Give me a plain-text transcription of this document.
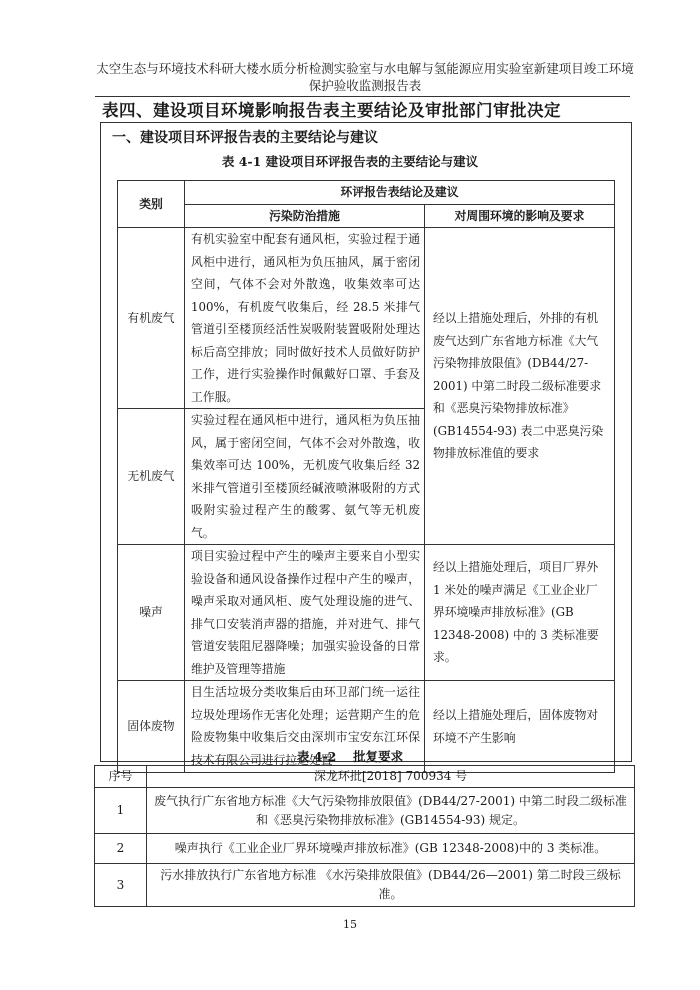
太空生态与环境技术科研大楼水质分析检测实验室与水电解与氢能源应用实验室新建项目竣工环境保护验收监测报告表
表四、建设项目环境影响报告表主要结论及审批部门审批决定
一、建设项目环评报告表的主要结论与建议
表 4-1 建设项目环评报告表的主要结论与建议
类别	环评报告表结论及建议	
	污染防治措施	对周围环境的影响及要求
有机废气	有机实验室中配套有通风柜，实验过程于通风柜中进行，通风柜为负压抽风，属于密闭空间，气体不会对外散逸，收集效率可达 100%，有机废气收集后，经 28.5 米排气管道引至楼顶经活性炭吸附装置吸附处理达标后高空排放；同时做好技术人员做好防护工作，进行实验操作时佩戴好口罩、手套及工作服。	经以上措施处理后，外排的有机废气达到广东省地方标准《大气污染物排放限值》(DB44/27-2001) 中第二时段二级标准要求和《恶臭污染物排放标准》(GB14554-93) 表二中恶臭污染物排放标准值的要求
无机废气	实验过程在通风柜中进行，通风柜为负压抽风，属于密闭空间，气体不会对外散逸，收集效率可达 100%，无机废气收集后经 32 米排气管道引至楼顶经碱液喷淋吸附的方式吸附实验过程产生的酸雾、氨气等无机废气。	
噪声	项目实验过程中产生的噪声主要来自小型实验设备和通风设备操作过程中产生的噪声，噪声采取对通风柜、废气处理设施的进气、排气口安装消声器的措施，并对进气、排气管道安装阻尼器降噪；加强实验设备的日常维护及管理等措施	经以上措施处理后，项目厂界外 1 米处的噪声满足《工业企业厂界环境噪声排放标准》(GB 12348-2008) 中的 3 类标准要求。
固体废物	目生活垃圾分类收集后由环卫部门统一运往垃圾处理场作无害化处理；运营期产生的危险废物集中收集后交由深圳市宝安东江环保技术有限公司进行拉运处置	经以上措施处理后，固体废物对环境不产生影响
表 4-2　 批复要求
序号	深龙环批[2018] 700934 号
1	废气执行广东省地方标准《大气污染物排放限值》(DB44/27-2001) 中第二时段二级标准和《恶臭污染物排放标准》(GB14554-93) 规定。
2	噪声执行《工业企业厂界环境噪声排放标准》(GB 12348-2008)中的 3 类标准。
3	污水排放执行广东省地方标准 《水污染排放限值》(DB44/26—2001) 第二时段三级标准。
15
